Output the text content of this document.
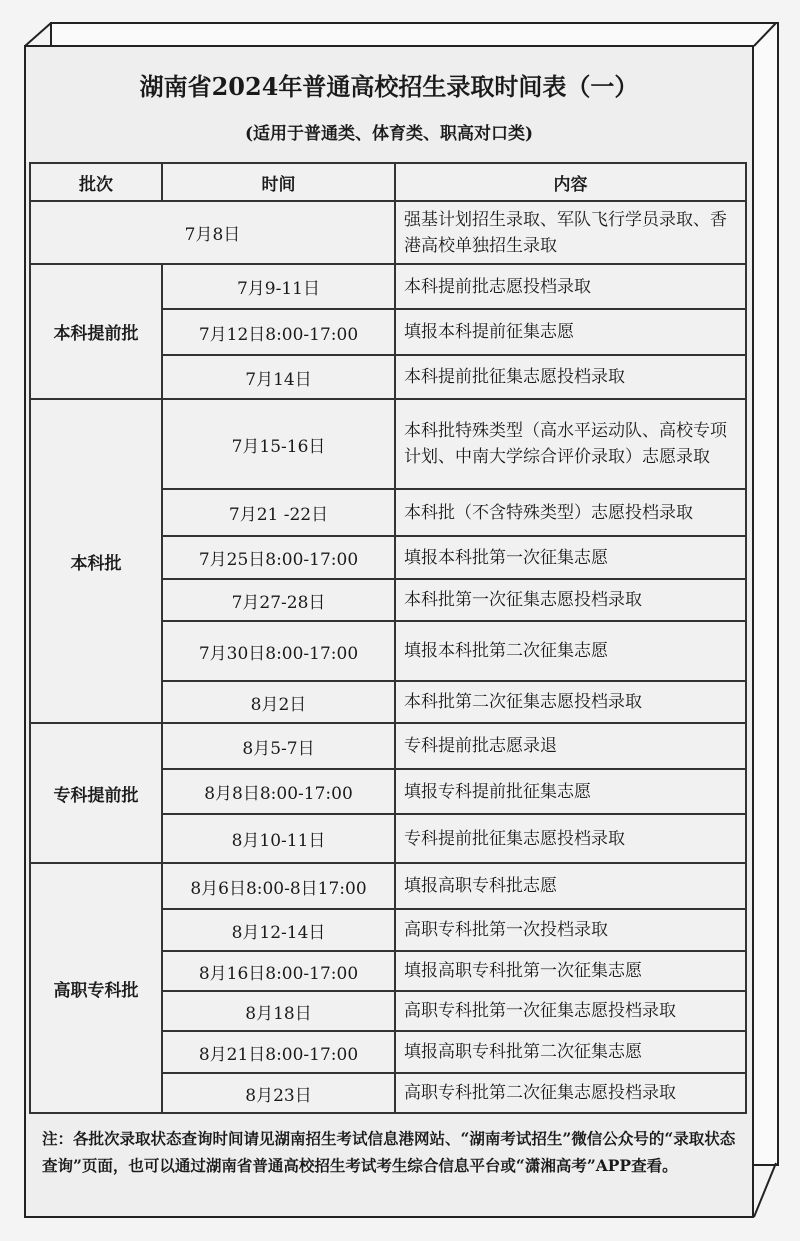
湖南省2024年普通高校招生录取时间表（一）
(适用于普通类、体育类、职高对口类)
批次	时间	内容
7月8日		强基计划招生录取、军队飞行学员录取、香港高校单独招生录取
本科提前批	7月9-11日	本科提前批志愿投档录取
	7月12日8:00-17:00	填报本科提前征集志愿
	7月14日	本科提前批征集志愿投档录取
本科批	7月15-16日	本科批特殊类型（高水平运动队、高校专项计划、中南大学综合评价录取）志愿录取
	7月21 -22日	本科批（不含特殊类型）志愿投档录取
	7月25日8:00-17:00	填报本科批第一次征集志愿
	7月27-28日	本科批第一次征集志愿投档录取
	7月30日8:00-17:00	填报本科批第二次征集志愿
	8月2日	本科批第二次征集志愿投档录取
专科提前批	8月5-7日	专科提前批志愿录退
	8月8日8:00-17:00	填报专科提前批征集志愿
	8月10-11日	专科提前批征集志愿投档录取
高职专科批	8月6日8:00-8日17:00	填报高职专科批志愿
	8月12-14日	高职专科批第一次投档录取
	8月16日8:00-17:00	填报高职专科批第一次征集志愿
	8月18日	高职专科批第一次征集志愿投档录取
	8月21日8:00-17:00	填报高职专科批第二次征集志愿
	8月23日	高职专科批第二次征集志愿投档录取
注：各批次录取状态查询时间请见湖南招生考试信息港网站、“湖南考试招生”微信公众号的“录取状态查询”页面，也可以通过湖南省普通高校招生考试考生综合信息平台或“潇湘高考”APP查看。
